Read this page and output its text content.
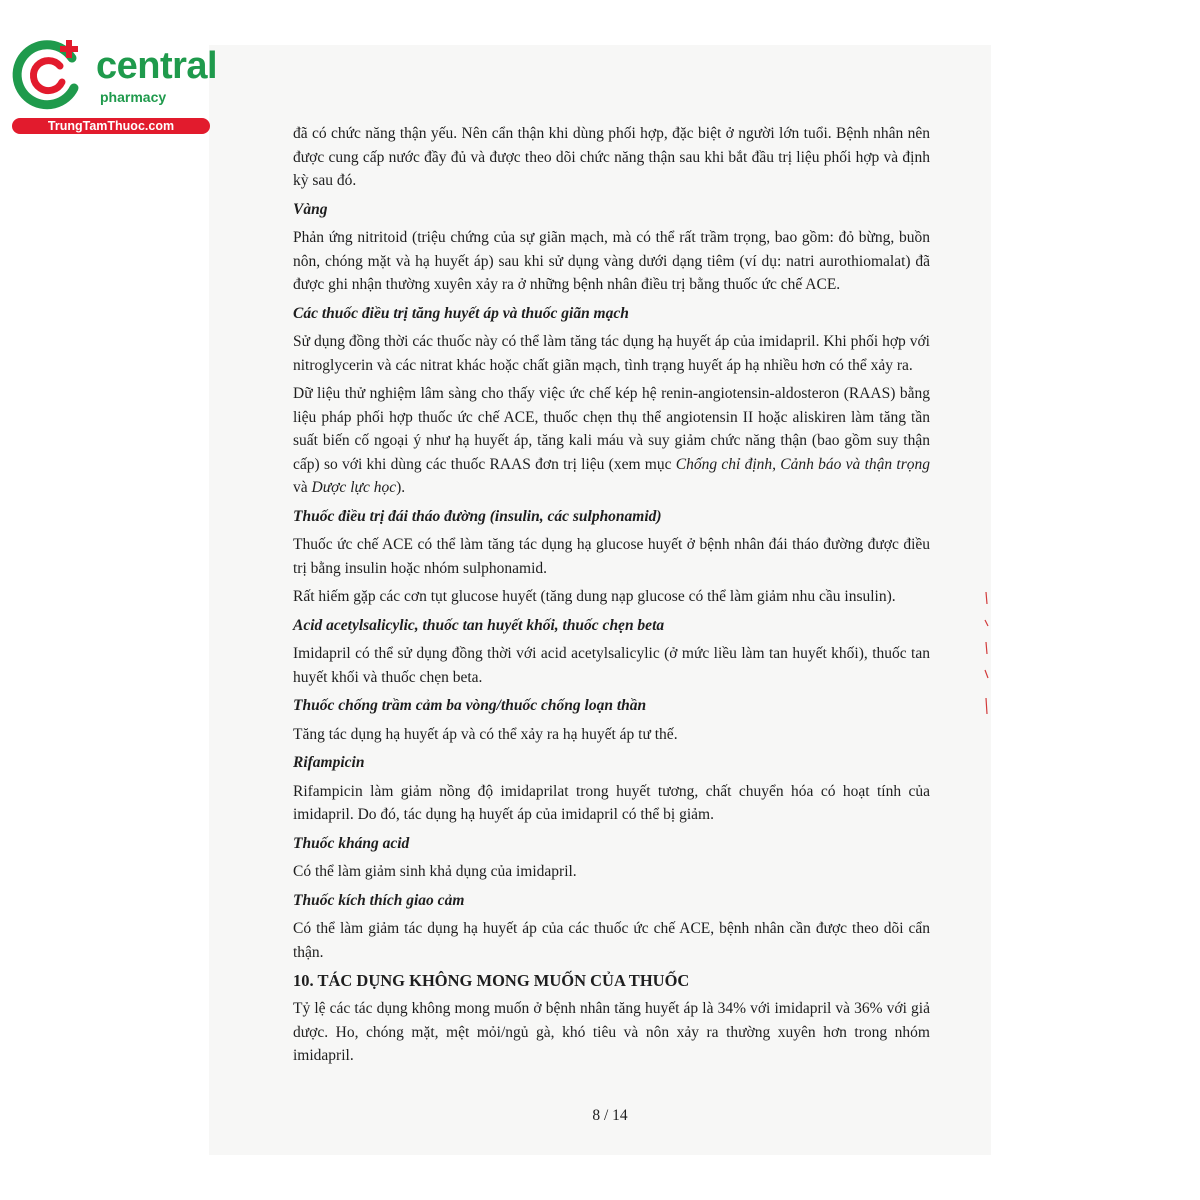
central
pharmacy
TrungTamThuoc.com	đã có chức năng thận yếu. Nên cẩn thận khi dùng phối hợp, đặc biệt ở người lớn tuổi. Bệnh nhân nên được cung cấp nước đầy đủ và được theo dõi chức năng thận sau khi bắt đầu trị liệu phối hợp và định kỳ sau đó.

Vàng

Phản ứng nitritoid (triệu chứng của sự giãn mạch, mà có thể rất trầm trọng, bao gồm: đỏ bừng, buồn nôn, chóng mặt và hạ huyết áp) sau khi sử dụng vàng dưới dạng tiêm (ví dụ: natri aurothiomalat) đã được ghi nhận thường xuyên xảy ra ở những bệnh nhân điều trị bằng thuốc ức chế ACE.

Các thuốc điều trị tăng huyết áp và thuốc giãn mạch

Sử dụng đồng thời các thuốc này có thể làm tăng tác dụng hạ huyết áp của imidapril. Khi phối hợp với nitroglycerin và các nitrat khác hoặc chất giãn mạch, tình trạng huyết áp hạ nhiều hơn có thể xảy ra.

Dữ liệu thử nghiệm lâm sàng cho thấy việc ức chế kép hệ renin-angiotensin-aldosteron (RAAS) bằng liệu pháp phối hợp thuốc ức chế ACE, thuốc chẹn thụ thể angiotensin II hoặc aliskiren làm tăng tần suất biến cố ngoại ý như hạ huyết áp, tăng kali máu và suy giảm chức năng thận (bao gồm suy thận cấp) so với khi dùng các thuốc RAAS đơn trị liệu (xem mục Chống chỉ định, Cảnh báo và thận trọng và Dược lực học).

Thuốc điều trị đái tháo đường (insulin, các sulphonamid)

Thuốc ức chế ACE có thể làm tăng tác dụng hạ glucose huyết ở bệnh nhân đái tháo đường được điều trị bằng insulin hoặc nhóm sulphonamid.

Rất hiếm gặp các cơn tụt glucose huyết (tăng dung nạp glucose có thể làm giảm nhu cầu insulin).

Acid acetylsalicylic, thuốc tan huyết khối, thuốc chẹn beta

Imidapril có thể sử dụng đồng thời với acid acetylsalicylic (ở mức liều làm tan huyết khối), thuốc tan huyết khối và thuốc chẹn beta.

Thuốc chống trầm cảm ba vòng/thuốc chống loạn thần

Tăng tác dụng hạ huyết áp và có thể xảy ra hạ huyết áp tư thế.

Rifampicin

Rifampicin làm giảm nồng độ imidaprilat trong huyết tương, chất chuyển hóa có hoạt tính của imidapril. Do đó, tác dụng hạ huyết áp của imidapril có thể bị giảm.

Thuốc kháng acid

Có thể làm giảm sinh khả dụng của imidapril.

Thuốc kích thích giao cảm

Có thể làm giảm tác dụng hạ huyết áp của các thuốc ức chế ACE, bệnh nhân cần được theo dõi cẩn thận.

10. TÁC DỤNG KHÔNG MONG MUỐN CỦA THUỐC

Tỷ lệ các tác dụng không mong muốn ở bệnh nhân tăng huyết áp là 34% với imidapril và 36% với giả dược. Ho, chóng mặt, mệt mỏi/ngủ gà, khó tiêu và nôn xảy ra thường xuyên hơn trong nhóm imidapril.

8 / 14
